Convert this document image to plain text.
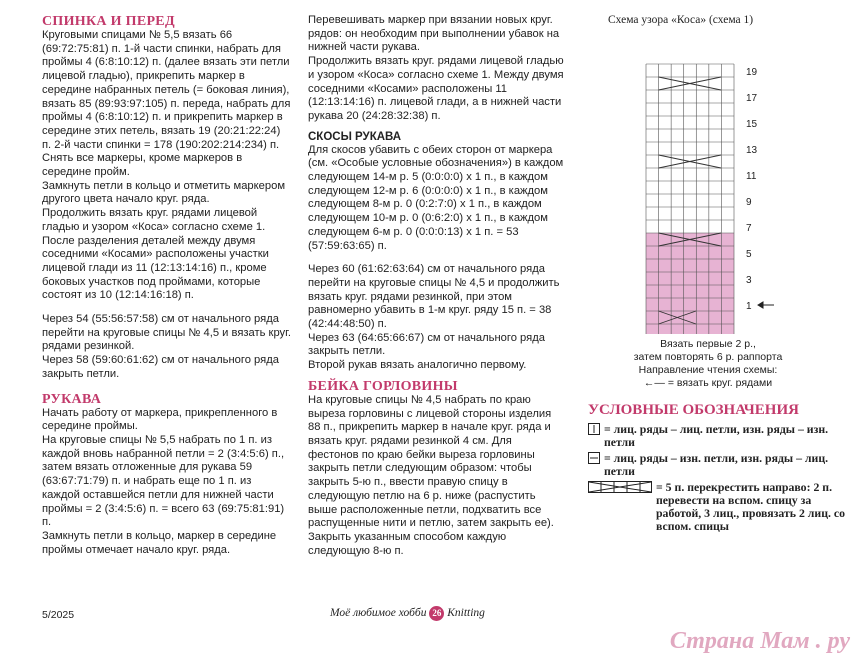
СПИНКА И ПЕРЕД

Круговыми спицами № 5,5 вязать 66 (69:72:75:81) п. 1-й части спинки, набрать для проймы 4 (6:8:10:12) п. (далее вязать эти петли лицевой гладью), прикрепить маркер в середине набранных петель (= боковая линия), вязать 85 (89:93:97:105) п. переда, набрать для проймы 4 (6:8:10:12) п. и прикрепить маркер в середине этих петель, вязать 19 (20:21:22:24) п. 2-й части спинки = 178 (190:202:214:234) п. Снять все маркеры, кроме маркеров в середине пройм.

Замкнуть петли в кольцо и отметить маркером другого цвета начало круг. ряда.

Продолжить вязать круг. рядами лицевой гладью и узором «Коса» согласно схеме 1. После разделения деталей между двумя соседними «Косами» расположены участки лицевой глади из 11 (12:13:14:16) п., кроме боковых участков под проймами, которые состоят из 10 (12:14:16:18) п.

Через 54 (55:56:57:58) см от начального ряда перейти на круговые спицы № 4,5 и вязать круг. рядами резинкой.

Через 58 (59:60:61:62) см от начального ряда закрыть петли.

РУКАВА

Начать работу от маркера, прикрепленного в середине проймы.

На круговые спицы № 5,5 набрать по 1 п. из каждой вновь набранной петли = 2 (3:4:5:6) п., затем вязать отложенные для рукава 59 (63:67:71:79) п. и набрать еще по 1 п. из каждой оставшейся петли для нижней части проймы = 2 (3:4:5:6) п. = всего 63 (69:75:81:91) п.

Замкнуть петли в кольцо, маркер в середине проймы отмечает начало круг. ряда.

Перевешивать маркер при вязании новых круг. рядов: он необходим при выполнении убавок на нижней части рукава.

Продолжить вязать круг. рядами лицевой гладью и узором «Коса» согласно схеме 1. Между двумя соседними «Косами» расположены 11 (12:13:14:16) п. лицевой глади, а в нижней части рукава 20 (24:28:32:38) п.

СКОСЫ РУКАВА

Для скосов убавить с обеих сторон от маркера (см. «Особые условные обозначения») в каждом следующем 14-м р. 5 (0:0:0:0) х 1 п., в каждом следующем 12-м р. 6 (0:0:0:0) х 1 п., в каждом следующем 8-м р. 0 (0:2:7:0) х 1 п., в каждом следующем 10-м р. 0 (0:6:2:0) х 1 п., в каждом следующем 6-м р. 0 (0:0:0:13) х 1 п. = 53 (57:59:63:65) п.

Через 60 (61:62:63:64) см от начального ряда перейти на круговые спицы № 4,5 и продолжить вязать круг. рядами резинкой, при этом равномерно убавить в 1-м круг. ряду 15 п. = 38 (42:44:48:50) п.

Через 63 (64:65:66:67) см от начального ряда закрыть петли.

Второй рукав вязать аналогично первому.

БЕЙКА ГОРЛОВИНЫ

На круговые спицы № 4,5 набрать по краю выреза горловины с лицевой стороны изделия 88 п., прикрепить маркер в начале круг. ряда и вязать круг. рядами резинкой 4 см. Для фестонов по краю бейки выреза горловины закрыть петли следующим образом: чтобы закрыть 5-ю п., ввести правую спицу в следующую петлю на 6 р. ниже (распустить выше расположенные петли, подхватить все распущенные нити и петлю, затем закрыть ее). Закрыть указанным способом каждую следующую 8-ю п.

Схема узора «Коса» (схема 1)
19
17
15
13
11
9
7
5
3
1
Вязать первые 2 р.,
затем повторять 6 р. раппорта
Направление чтения схемы:
←— = вязать круг. рядами
УСЛОВНЫЕ ОБОЗНАЧЕНИЯ
= лиц. ряды – лиц. петли, изн. ряды – изн. петли
= лиц. ряды – изн. петли, изн. ряды – лиц. петли
= 5 п. перекрестить направо: 2 п. перевести на вспом. спицу за работой, 3 лиц., провязать 2 лиц. со вспом. спицы
5/2025	Моё любимое хобби 26 Knitting
Страна Мам . ру
